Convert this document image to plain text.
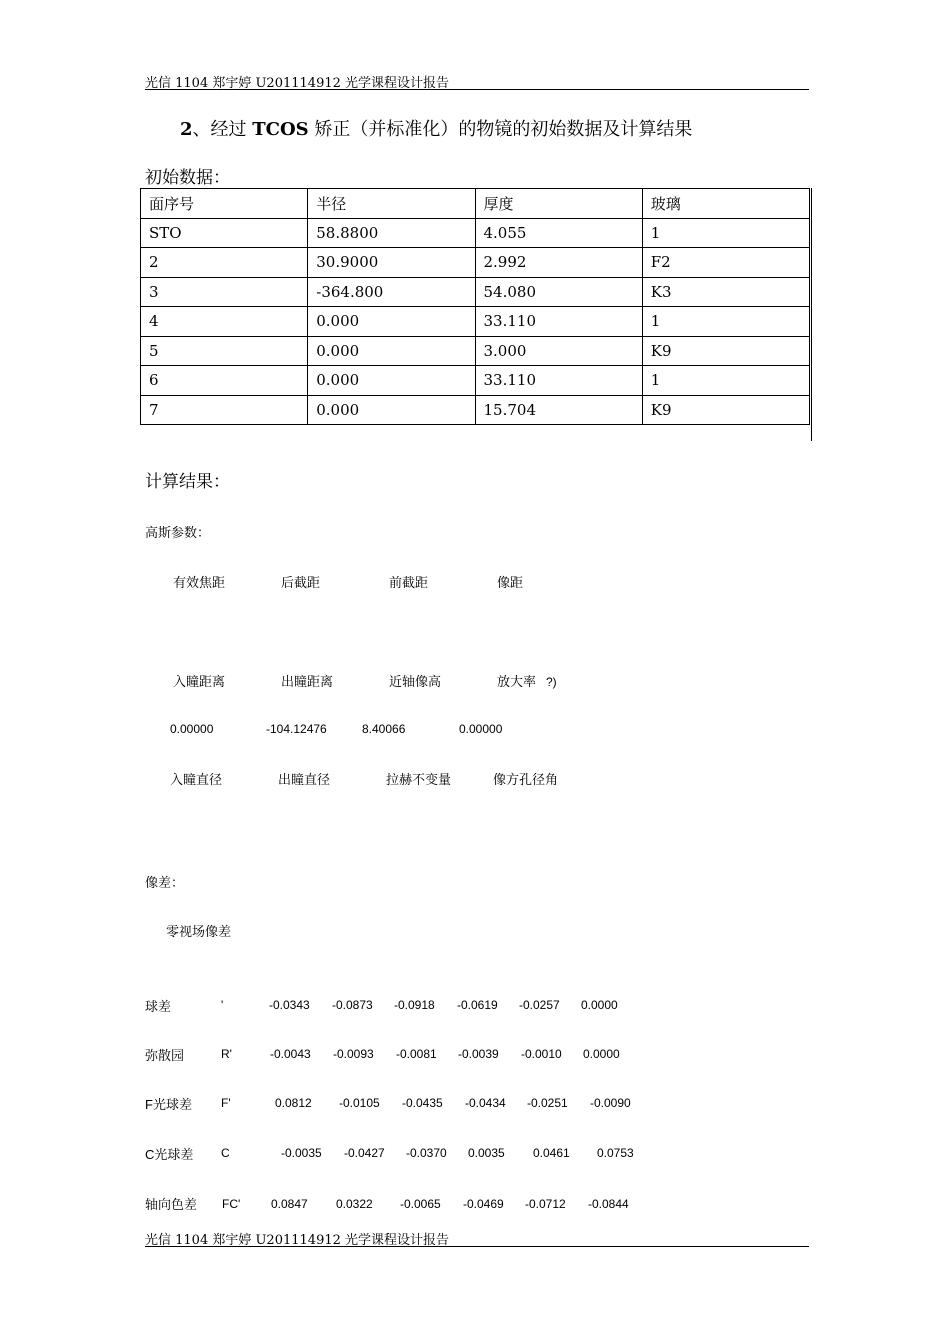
光信 1104 郑宇婷 U201114912 光学课程设计报告
2、经过 TCOS 矫正（并标准化）的物镜的初始数据及计算结果
初始数据：
面序号	半径	厚度	玻璃
STO	58.8800	4.055	1
2	30.9000	2.992	F2
3	-364.800	54.080	K3
4	0.000	33.110	1
5	0.000	3.000	K9
6	0.000	33.110	1
7	0.000	15.704	K9
计算结果：
高斯参数：
有效焦距	后截距	前截距	像距
入瞳距离	出瞳距离	近轴像高	放大率 ?)
0.00000	-104.12476	8.40066	0.00000
入瞳直径	出瞳直径	拉赫不变量	像方孔径角
像差：
零视场像差
球差	'	-0.0343 -0.0873 -0.0918 -0.0619 -0.0257 0.0000
弥散园	R'	-0.0043 -0.0093 -0.0081 -0.0039 -0.0010 0.0000
F光球差 F'	0.0812 -0.0105 -0.0435 -0.0434 -0.0251 -0.0090
C光球差 C	-0.0035 -0.0427 -0.0370 0.0035 0.0461 0.0753
轴向色差 FC'	0.0847 0.0322 -0.0065 -0.0469 -0.0712 -0.0844
光信 1104 郑宇婷 U201114912 光学课程设计报告
